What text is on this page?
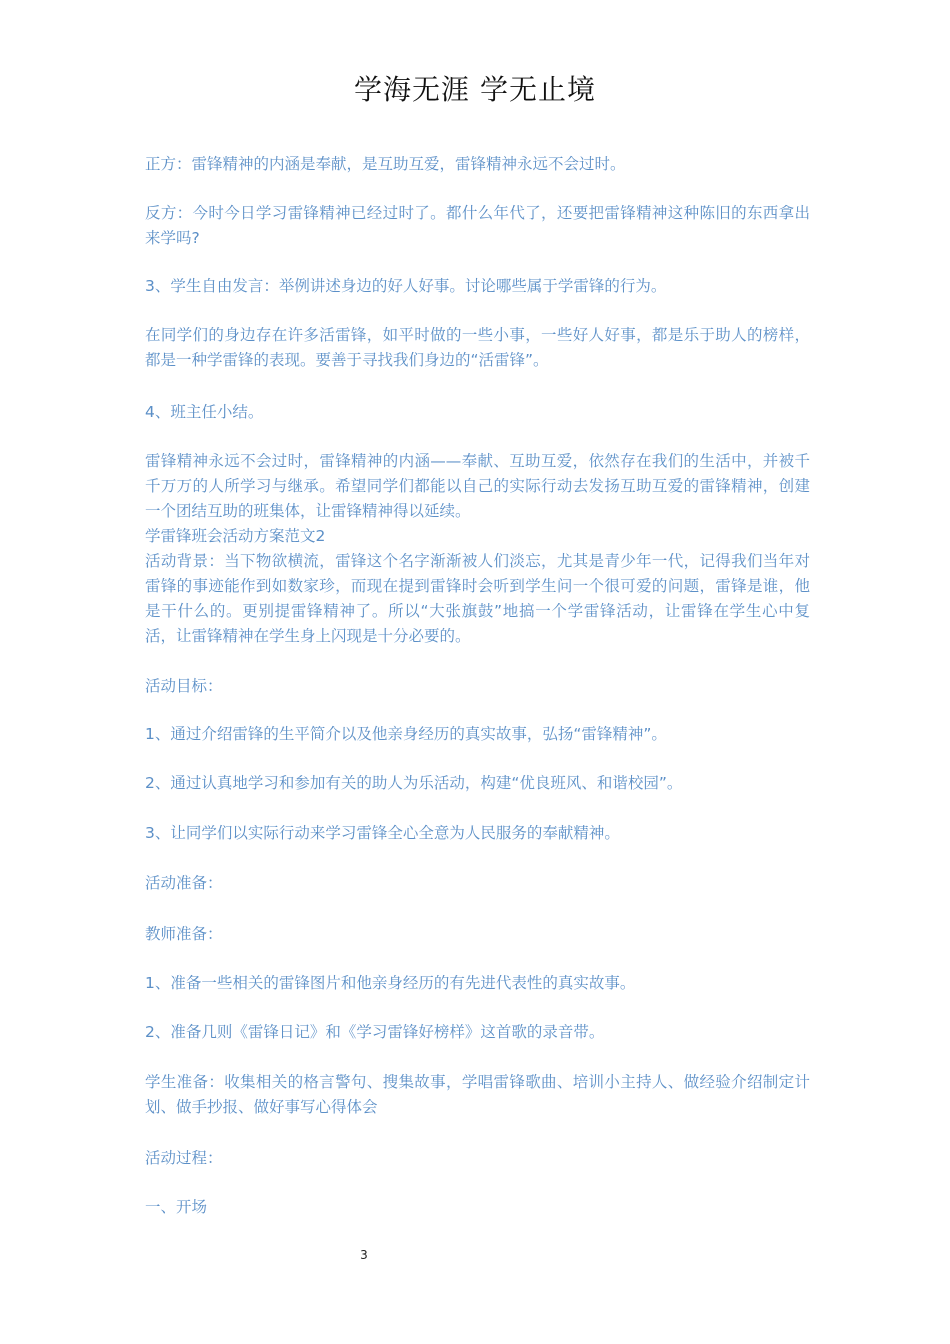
学海无涯 学无止境

正方：雷锋精神的内涵是奉献，是互助互爱，雷锋精神永远不会过时。

反方：今时今日学习雷锋精神已经过时了。都什么年代了，还要把雷锋精神这种陈旧的东西拿出来学吗?

3、学生自由发言：举例讲述身边的好人好事。讨论哪些属于学雷锋的行为。

在同学们的身边存在许多活雷锋，如平时做的一些小事，一些好人好事，都是乐于助人的榜样，都是一种学雷锋的表现。要善于寻找我们身边的“活雷锋”。

4、班主任小结。

雷锋精神永远不会过时，雷锋精神的内涵——奉献、互助互爱，依然存在我们的生活中，并被千千万万的人所学习与继承。希望同学们都能以自己的实际行动去发扬互助互爱的雷锋精神，创建一个团结互助的班集体，让雷锋精神得以延续。

学雷锋班会活动方案范文2

活动背景：当下物欲横流，雷锋这个名字渐渐被人们淡忘，尤其是青少年一代，记得我们当年对雷锋的事迹能作到如数家珍，而现在提到雷锋时会听到学生问一个很可爱的问题，雷锋是谁，他是干什么的。更别提雷锋精神了。所以“大张旗鼓”地搞一个学雷锋活动，让雷锋在学生心中复活，让雷锋精神在学生身上闪现是十分必要的。

活动目标：

1、通过介绍雷锋的生平简介以及他亲身经历的真实故事，弘扬“雷锋精神”。

2、通过认真地学习和参加有关的助人为乐活动，构建“优良班风、和谐校园”。

3、让同学们以实际行动来学习雷锋全心全意为人民服务的奉献精神。

活动准备：

教师准备：

1、准备一些相关的雷锋图片和他亲身经历的有先进代表性的真实故事。

2、准备几则《雷锋日记》和《学习雷锋好榜样》这首歌的录音带。

学生准备：收集相关的格言警句、搜集故事，学唱雷锋歌曲、培训小主持人、做经验介绍制定计划、做手抄报、做好事写心得体会

活动过程：

一、开场

3
